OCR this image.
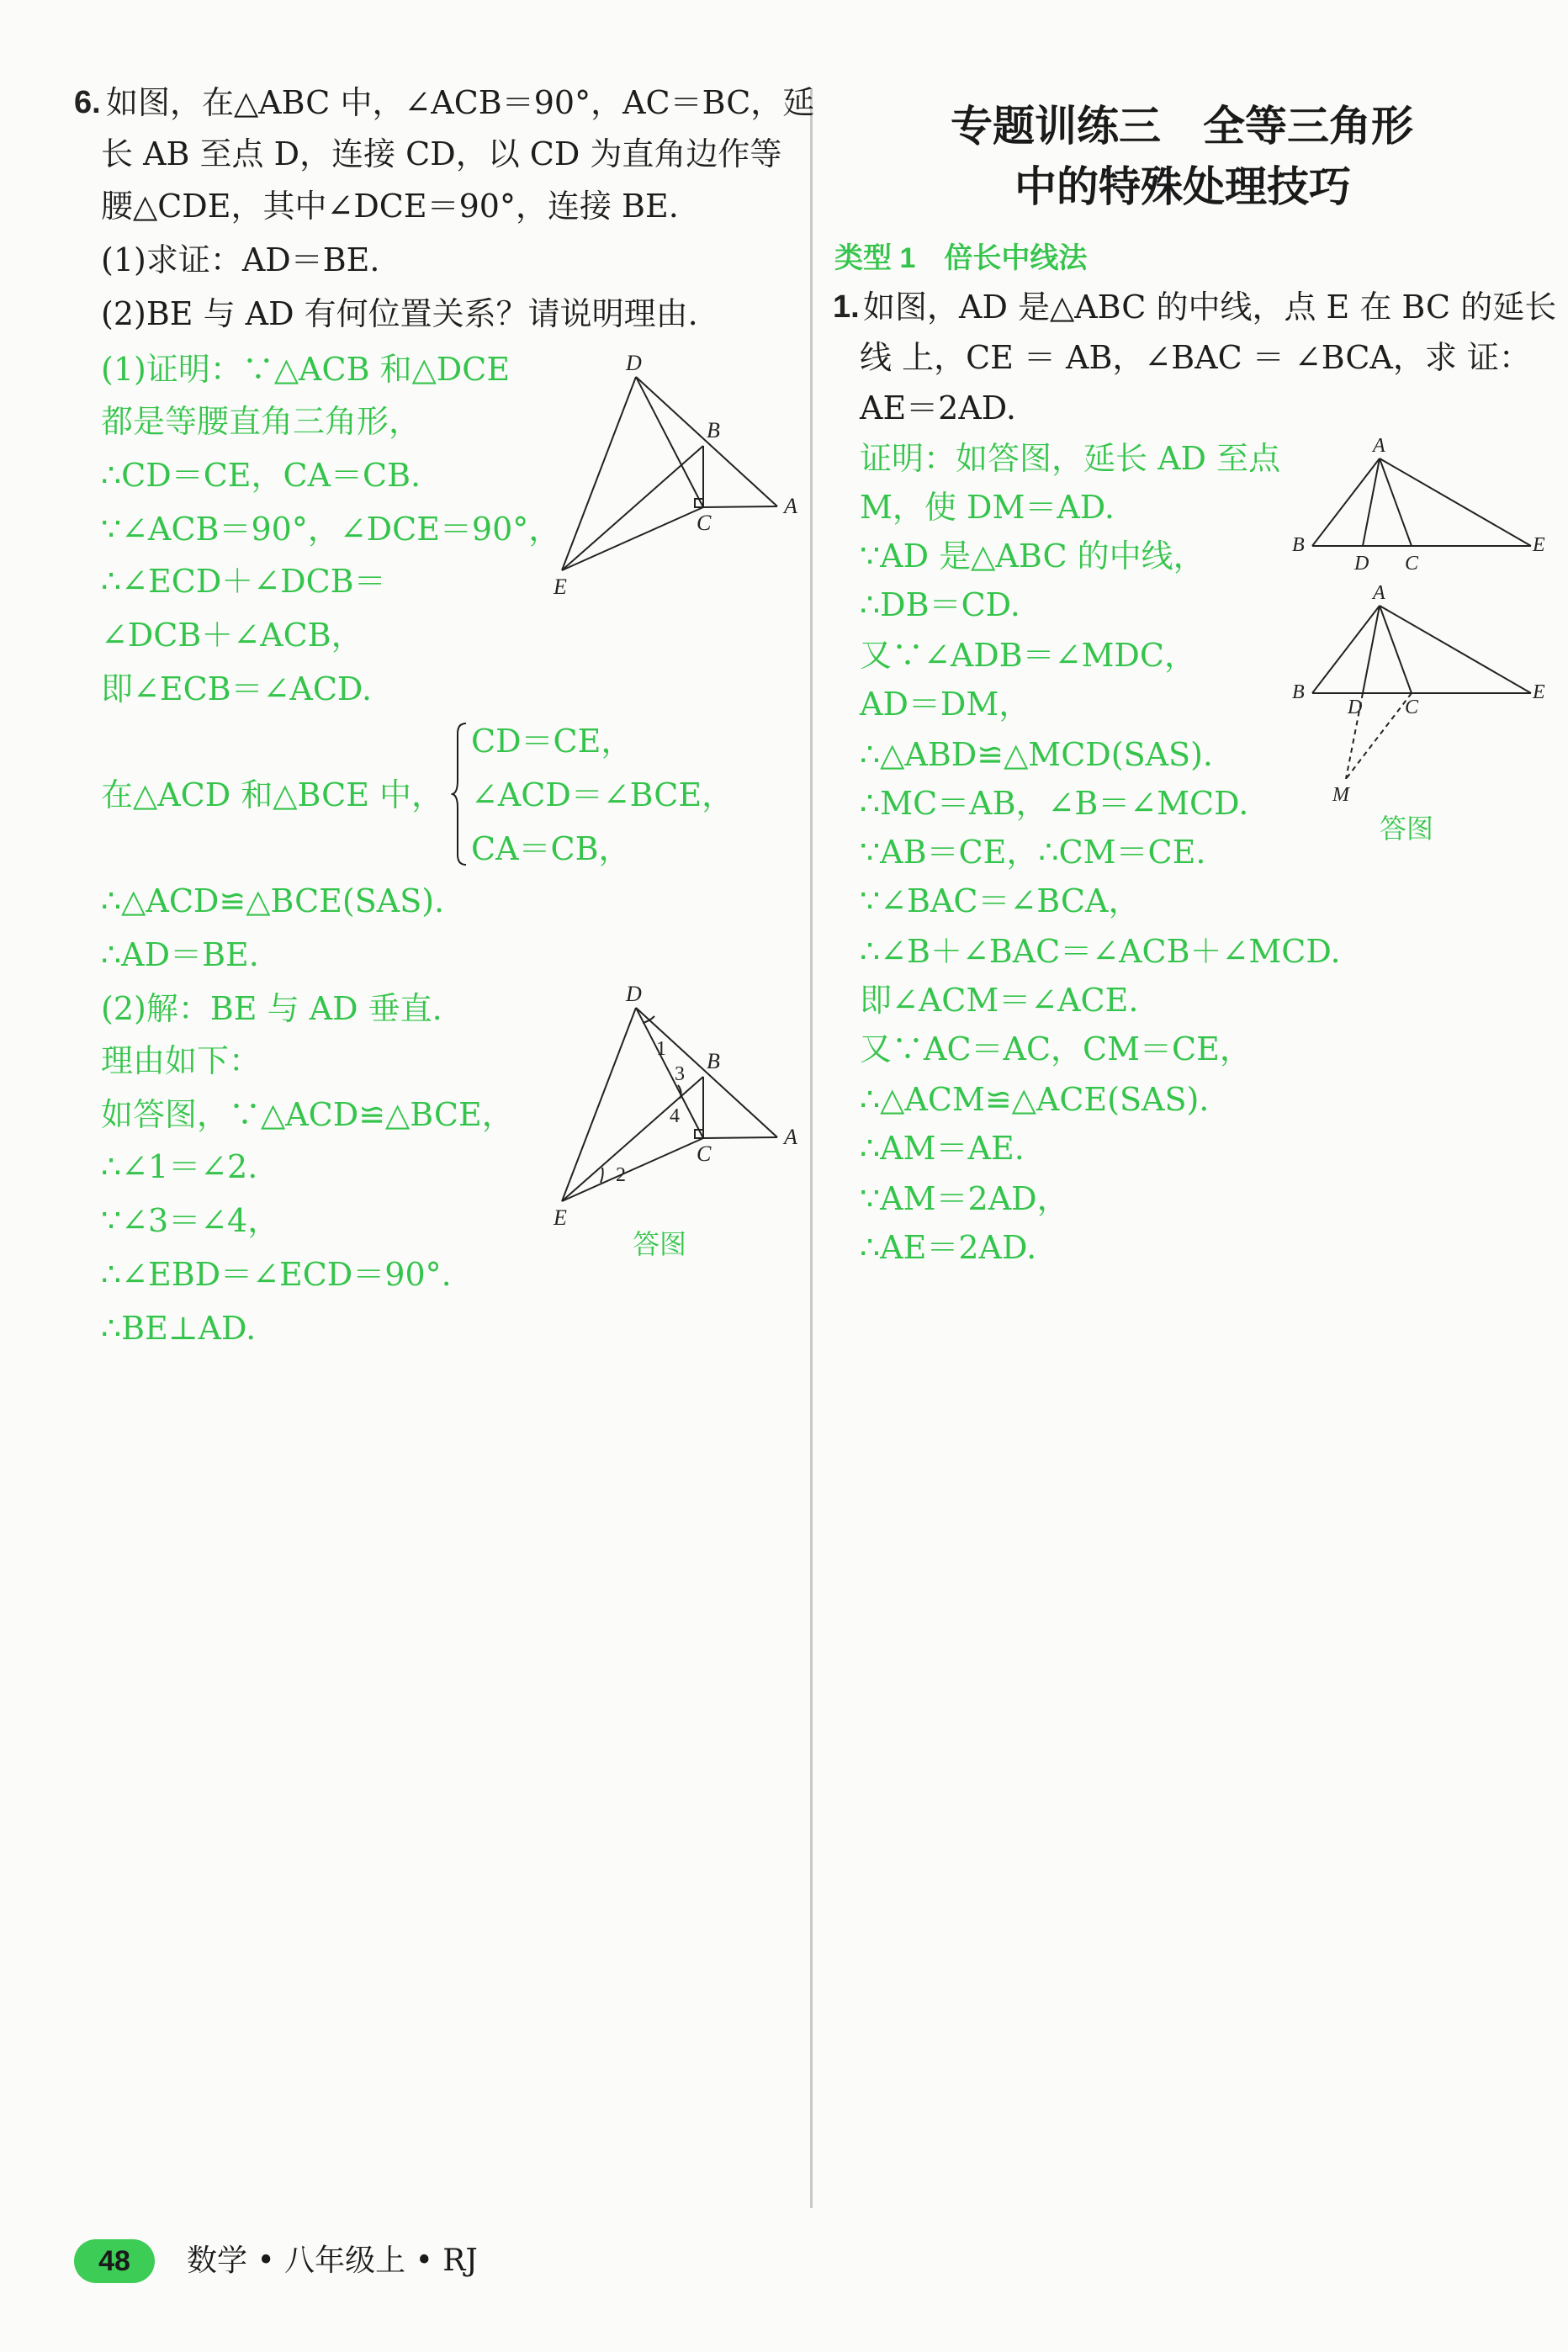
6. 如图，在△ABC 中，∠ACB＝90°，AC＝BC，延
长 AB 至点 D，连接 CD，以 CD 为直角边作等
腰△CDE，其中∠DCE＝90°，连接 BE.
(1)求证：AD＝BE.
(2)BE 与 AD 有何位置关系？请说明理由.
(1)证明：∵△ACB 和△DCE
都是等腰直角三角形，
∴CD＝CE，CA＝CB.
∵∠ACB＝90°，∠DCE＝90°，
∴∠ECD＋∠DCB＝
∠DCB＋∠ACB，
即∠ECB＝∠ACD.
在△ACD 和△BCE 中，
CD＝CE，
∠ACD＝∠BCE，
CA＝CB，
∴△ACD≌△BCE(SAS).
∴AD＝BE.
(2)解：BE 与 AD 垂直.
理由如下：
如答图，∵△ACD≌△BCE，
∴∠1＝∠2.
∵∠3＝∠4，
∴∠EBD＝∠ECD＝90°.
∴BE⊥AD.
D
B
C
A
E
D
B
C
A
E
1
2
3
4
答图
专题训练三　全等三角形
中的特殊处理技巧
类型 1　倍长中线法
1. 如图，AD 是△ABC 的中线，点 E 在 BC 的延长
线 上，CE ＝ AB，∠BAC ＝ ∠BCA，求 证：
AE＝2AD.
证明：如答图，延长 AD 至点
M，使 DM＝AD.
∵AD 是△ABC 的中线，
∴DB＝CD.
又∵∠ADB＝∠MDC，
AD＝DM，
∴△ABD≌△MCD(SAS).
∴MC＝AB，∠B＝∠MCD.
∵AB＝CE，∴CM＝CE.
∵∠BAC＝∠BCA，
∴∠B＋∠BAC＝∠ACB＋∠MCD.
即∠ACM＝∠ACE.
又∵AC＝AC，CM＝CE，
∴△ACM≌△ACE(SAS).
∴AM＝AE.
∵AM＝2AD，
∴AE＝2AD.
A
B
D C
E
A
B
D C
E
M
答图
48	数学 • 八年级上 • RJ
